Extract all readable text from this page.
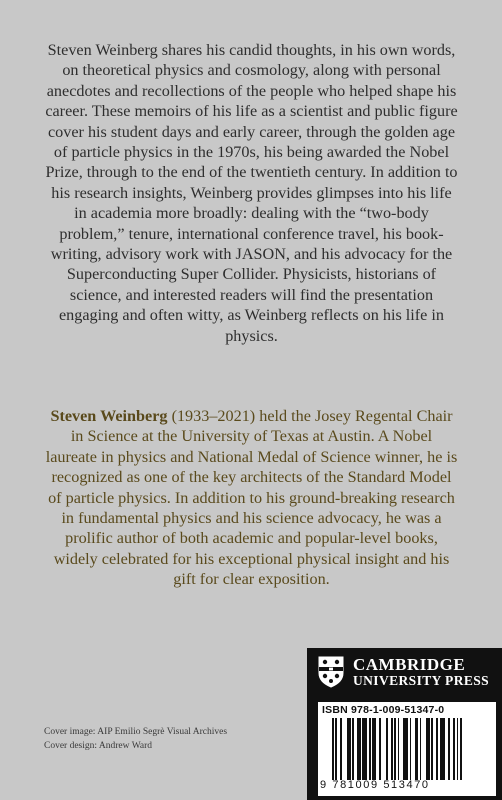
Steven Weinberg shares his candid thoughts, in his own words, on theoretical physics and cosmology, along with personal anecdotes and recollections of the people who helped shape his career. These memoirs of his life as a scientist and public figure cover his student days and early career, through the golden age of particle physics in the 1970s, his being awarded the Nobel Prize, through to the end of the twentieth century. In addition to his research insights, Weinberg provides glimpses into his life in academia more broadly: dealing with the “two-body problem,” tenure, international conference travel, his book-writing, advisory work with JASON, and his advocacy for the Superconducting Super Collider. Physicists, historians of science, and interested readers will find the presentation engaging and often witty, as Weinberg reflects on his life in physics.
Steven Weinberg (1933–2021) held the Josey Regental Chair in Science at the University of Texas at Austin. A Nobel laureate in physics and National Medal of Science winner, he is recognized as one of the key architects of the Standard Model of particle physics. In addition to his ground-breaking research in fundamental physics and his science advocacy, he was a prolific author of both academic and popular-level books, widely celebrated for his exceptional physical insight and his gift for clear exposition.
Cover image: AIP Emilio Segrè Visual Archives
Cover design: Andrew Ward
CAMBRIDGE
UNIVERSITY PRESS
ISBN 978-1-009-51347-0
9 781009 513470
